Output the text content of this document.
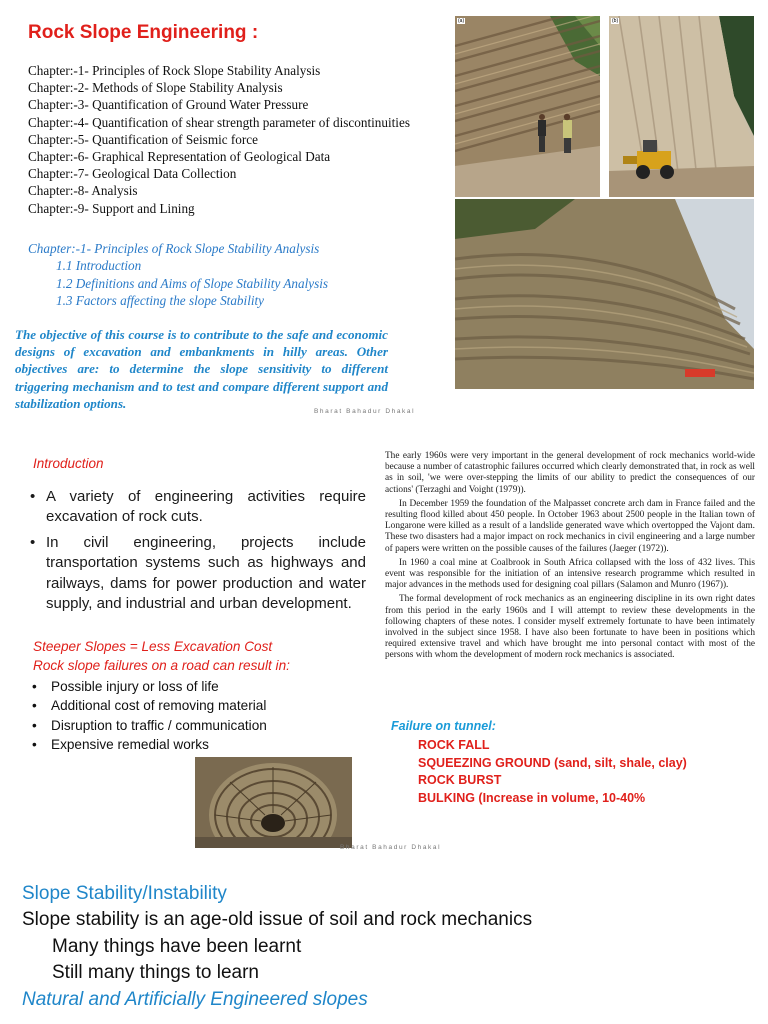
Rock Slope Engineering :
Chapter:-1- Principles of Rock Slope Stability Analysis
Chapter:-2- Methods of Slope Stability Analysis
Chapter:-3- Quantification of Ground Water Pressure
Chapter:-4- Quantification of shear strength parameter of discontinuities
Chapter:-5- Quantification of Seismic force
Chapter:-6- Graphical Representation of Geological Data
Chapter:-7- Geological Data Collection
Chapter:-8- Analysis
Chapter:-9- Support and Lining
Chapter:-1- Principles of Rock Slope Stability Analysis
1.1 Introduction
1.2 Definitions and Aims of Slope Stability Analysis
1.3 Factors affecting the slope Stability
The objective of this course is to contribute to the safe and economic designs of excavation and embankments in hilly areas. Other objectives are: to determine the slope sensitivity to different triggering mechanism and to test and compare different support and stabilization options.
Bharat Bahadur Dhakal
(a)	(b)
Introduction
• A variety of engineering activities require excavation of rock cuts.
• In civil engineering, projects include transportation systems such as highways and railways, dams for power production and water supply, and industrial and urban development.
Steeper Slopes = Less Excavation Cost
Rock slope failures on a road can result in:
• Possible injury or loss of life
• Additional cost of removing material
• Disruption to traffic / communication
• Expensive remedial works

The early 1960s were very important in the general development of rock mechanics world-wide because a number of catastrophic failures occurred which clearly demonstrated that, in rock as well as in soil, 'we were over-stepping the limits of our ability to predict the consequences of our actions' (Terzaghi and Voight (1979)).

In December 1959 the foundation of the Malpasset concrete arch dam in France failed and the resulting flood killed about 450 people. In October 1963 about 2500 people in the Italian town of Longarone were killed as a result of a landslide generated wave which overtopped the Vajont dam. These two disasters had a major impact on rock mechanics in civil engineering and a large number of papers were written on the possible causes of the failures (Jaeger (1972)).

In 1960 a coal mine at Coalbrook in South Africa collapsed with the loss of 432 lives. This event was responsible for the initiation of an intensive research programme which resulted in major advances in the methods used for designing coal pillars (Salamon and Munro (1967)).

The formal development of rock mechanics as an engineering discipline in its own right dates from this period in the early 1960s and I will attempt to review these developments in the following chapters of these notes. I consider myself extremely fortunate to have been intimately involved in the subject since 1958. I have also been fortunate to have been in positions which required extensive travel and which have brought me into personal contact with most of the persons with whom the development of modern rock mechanics is associated.

Failure on tunnel:
ROCK FALL
SQUEEZING GROUND (sand, silt, shale, clay)
ROCK BURST
BULKING (Increase in volume, 10-40%
Bharat Bahadur Dhakal
Slope Stability/Instability
Slope stability is an age-old issue of soil and rock mechanics
Many things have been learnt
Still many things to learn
Natural and Artificially Engineered slopes
